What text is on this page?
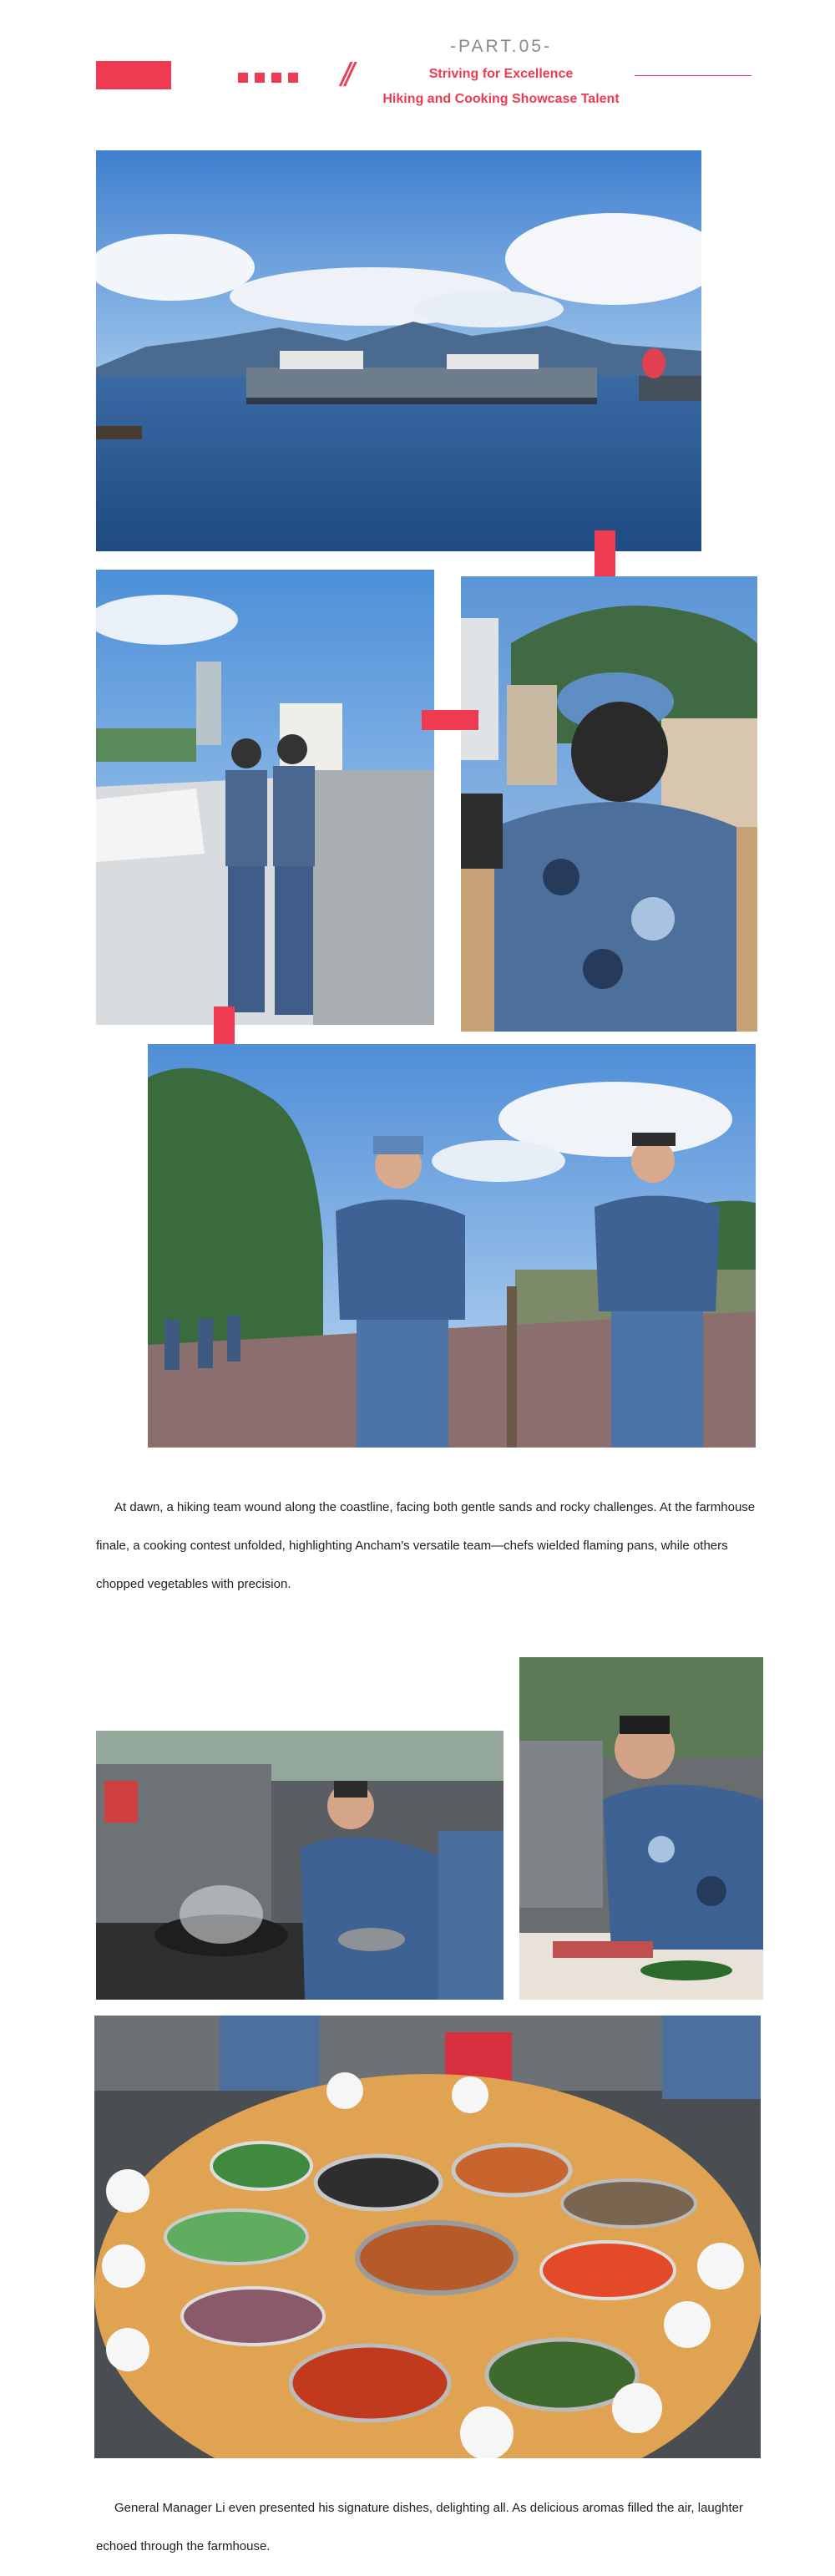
//
-PART.05-
Striving for Excellence
Hiking and Cooking Showcase Talent
At dawn, a hiking team wound along the coastline, facing both gentle sands and rocky challenges. At the farmhouse finale, a cooking contest unfolded, highlighting Ancham's versatile team—chefs wielded flaming pans, while others chopped vegetables with precision.
General Manager Li even presented his signature dishes, delighting all. As delicious aromas filled the air, laughter echoed through the farmhouse.
